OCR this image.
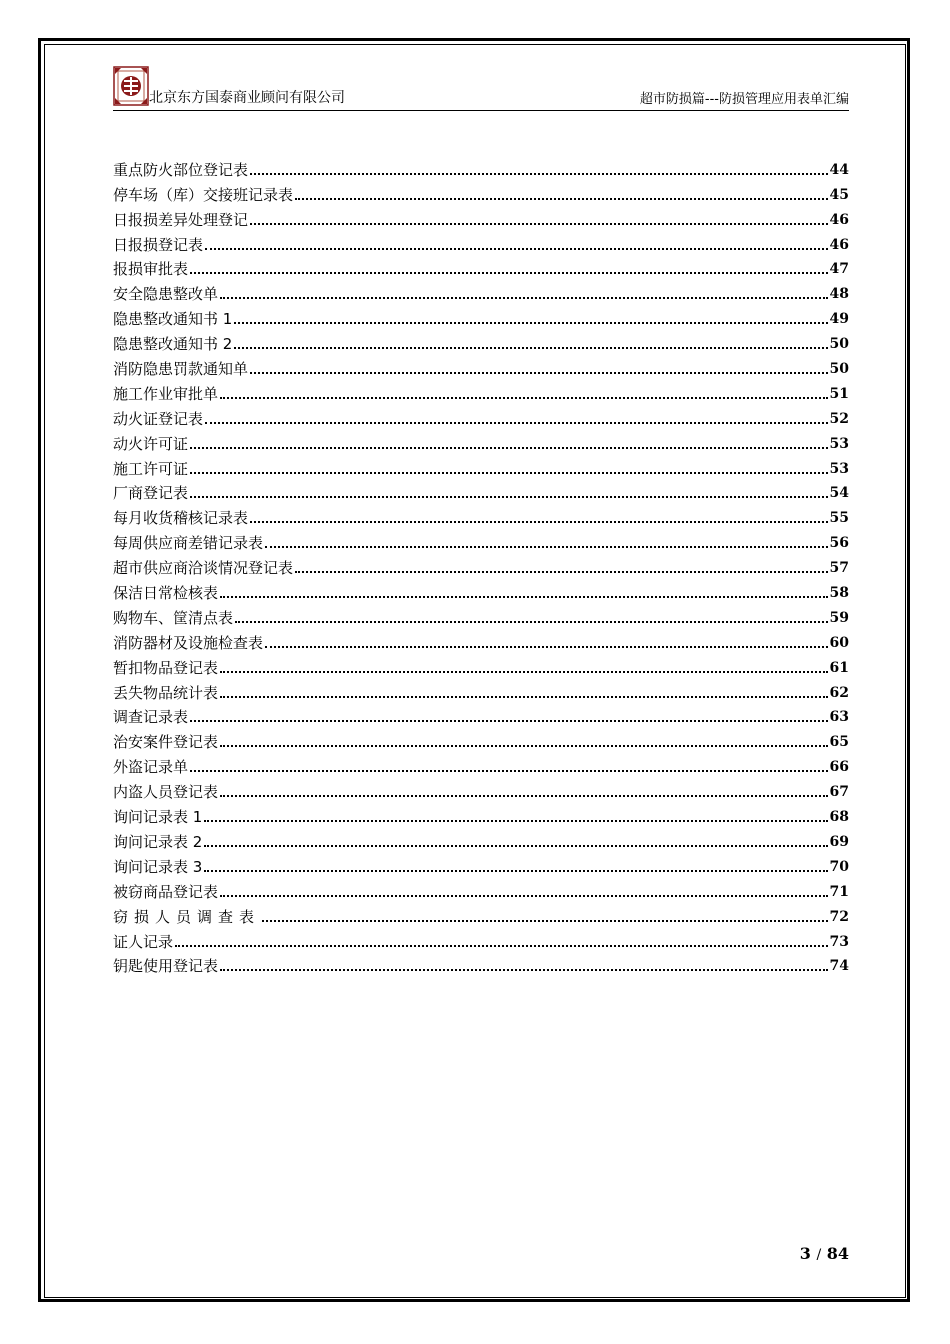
北京东方国泰商业顾问有限公司	超市防损篇---防损管理应用表单汇编
重点防火部位登记表	44
停车场（库）交接班记录表	45
日报损差异处理登记	46
日报损登记表	46
报损审批表	47
安全隐患整改单	48
隐患整改通知书 1	49
隐患整改通知书 2	50
消防隐患罚款通知单	50
施工作业审批单	51
动火证登记表	52
动火许可证	53
施工许可证	53
厂商登记表	54
每月收货稽核记录表	55
每周供应商差错记录表	56
超市供应商洽谈情况登记表	57
保洁日常检核表	58
购物车、筐清点表	59
消防器材及设施检查表	60
暂扣物品登记表	61
丢失物品统计表	62
调查记录表	63
治安案件登记表	65
外盗记录单	66
内盗人员登记表	67
询问记录表 1	68
询问记录表 2	69
询问记录表 3	70
被窃商品登记表	71
窃损人员调查表	72
证人记录	73
钥匙使用登记表	74
3 / 84
